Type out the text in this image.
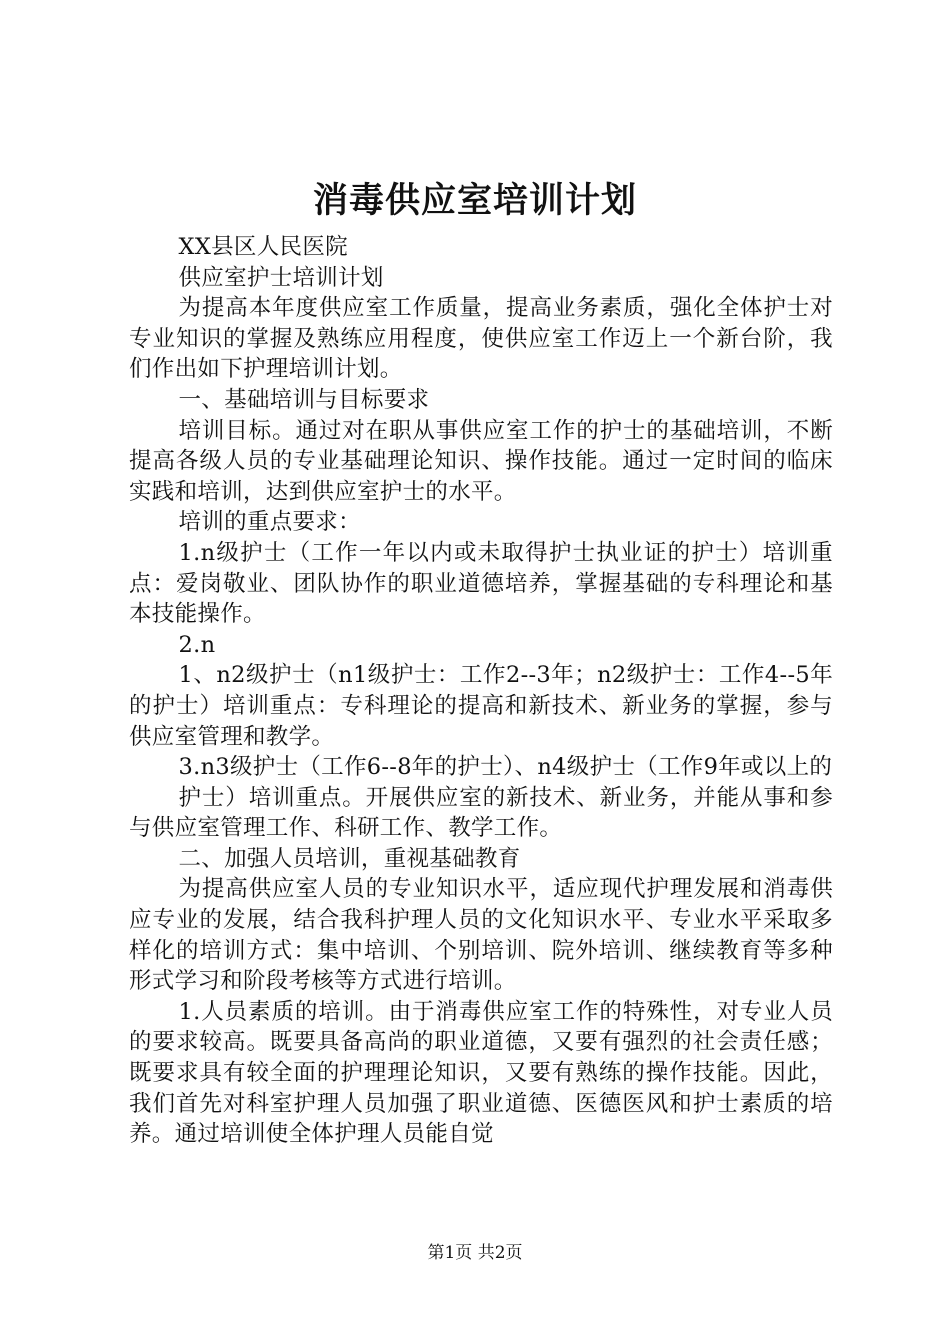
消毒供应室培训计划

XX县区人民医院

供应室护士培训计划

为提高本年度供应室工作质量，提高业务素质，强化全体护士对专业知识的掌握及熟练应用程度，使供应室工作迈上一个新台阶，我们作出如下护理培训计划。

一、基础培训与目标要求

培训目标。通过对在职从事供应室工作的护士的基础培训，不断提高各级人员的专业基础理论知识、操作技能。通过一定时间的临床实践和培训，达到供应室护士的水平。

培训的重点要求：

1.n级护士（工作一年以内或未取得护士执业证的护士）培训重点：爱岗敬业、团队协作的职业道德培养，掌握基础的专科理论和基本技能操作。

2.n

1、n2级护士（n1级护士：工作2--3年；n2级护士：工作4--5年的护士）培训重点：专科理论的提高和新技术、新业务的掌握，参与供应室管理和教学。

3.n3级护士（工作6--8年的护士）、n4级护士（工作9年或以上的

护士）培训重点。开展供应室的新技术、新业务，并能从事和参与供应室管理工作、科研工作、教学工作。

二、加强人员培训，重视基础教育

为提高供应室人员的专业知识水平，适应现代护理发展和消毒供应专业的发展，结合我科护理人员的文化知识水平、专业水平采取多样化的培训方式：集中培训、个别培训、院外培训、继续教育等多种形式学习和阶段考核等方式进行培训。

1.人员素质的培训。由于消毒供应室工作的特殊性，对专业人员的要求较高。既要具备高尚的职业道德，又要有强烈的社会责任感；既要求具有较全面的护理理论知识，又要有熟练的操作技能。因此，我们首先对科室护理人员加强了职业道德、医德医风和护士素质的培养。通过培训使全体护理人员能自觉

第1页 共2页
